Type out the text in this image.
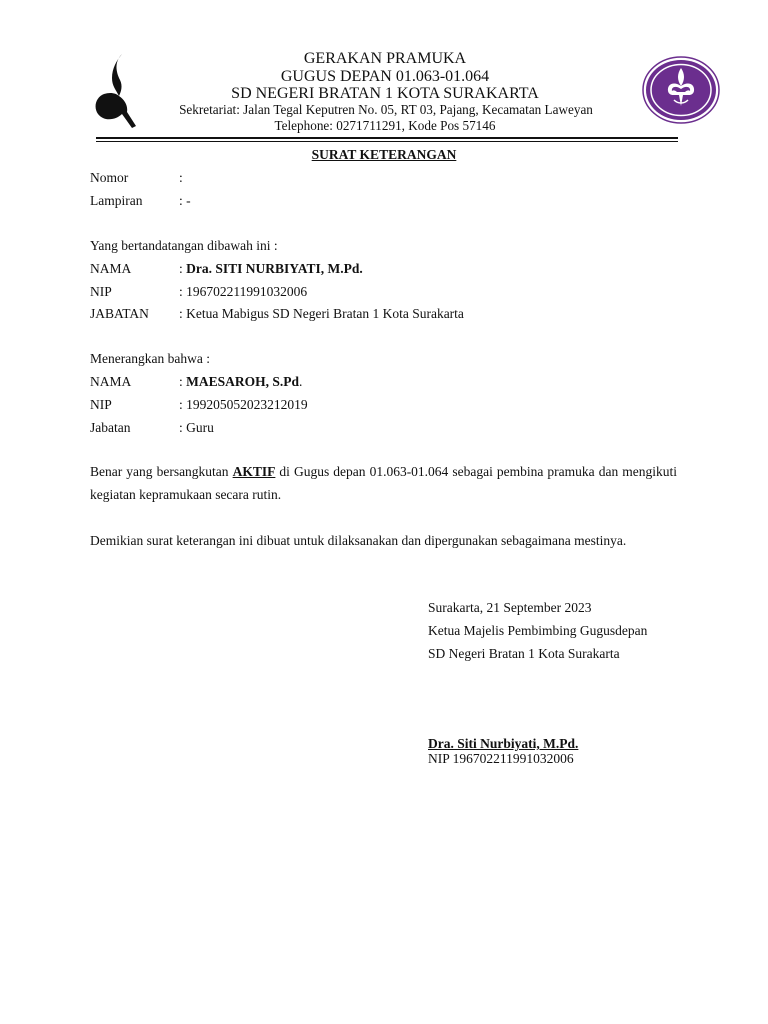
GERAKAN PRAMUKA
GUGUS DEPAN 01.063-01.064
SD NEGERI BRATAN 1 KOTA SURAKARTA
Sekretariat: Jalan Tegal Keputren No. 05, RT 03, Pajang, Kecamatan Laweyan
Telephone: 0271711291, Kode Pos 57146
SURAT KETERANGAN
Nomor	:
Lampiran	: -
Yang bertandatangan dibawah ini :
NAMA	: Dra. SITI NURBIYATI, M.Pd.
NIP	: 196702211991032006
JABATAN : Ketua Mabigus SD Negeri Bratan 1 Kota Surakarta
Menerangkan bahwa :
NAMA	: MAESAROH, S.Pd.
NIP	: 199205052023212019
Jabatan	: Guru
Benar yang bersangkutan AKTIF di Gugus depan 01.063-01.064 sebagai pembina pramuka dan mengikuti kegiatan kepramukaan secara rutin.
Demikian surat keterangan ini dibuat untuk dilaksanakan dan dipergunakan sebagaimana mestinya.
Surakarta, 21 September 2023
Ketua Majelis Pembimbing Gugusdepan
SD Negeri Bratan 1 Kota Surakarta
Dra. Siti Nurbiyati, M.Pd.
NIP 196702211991032006
